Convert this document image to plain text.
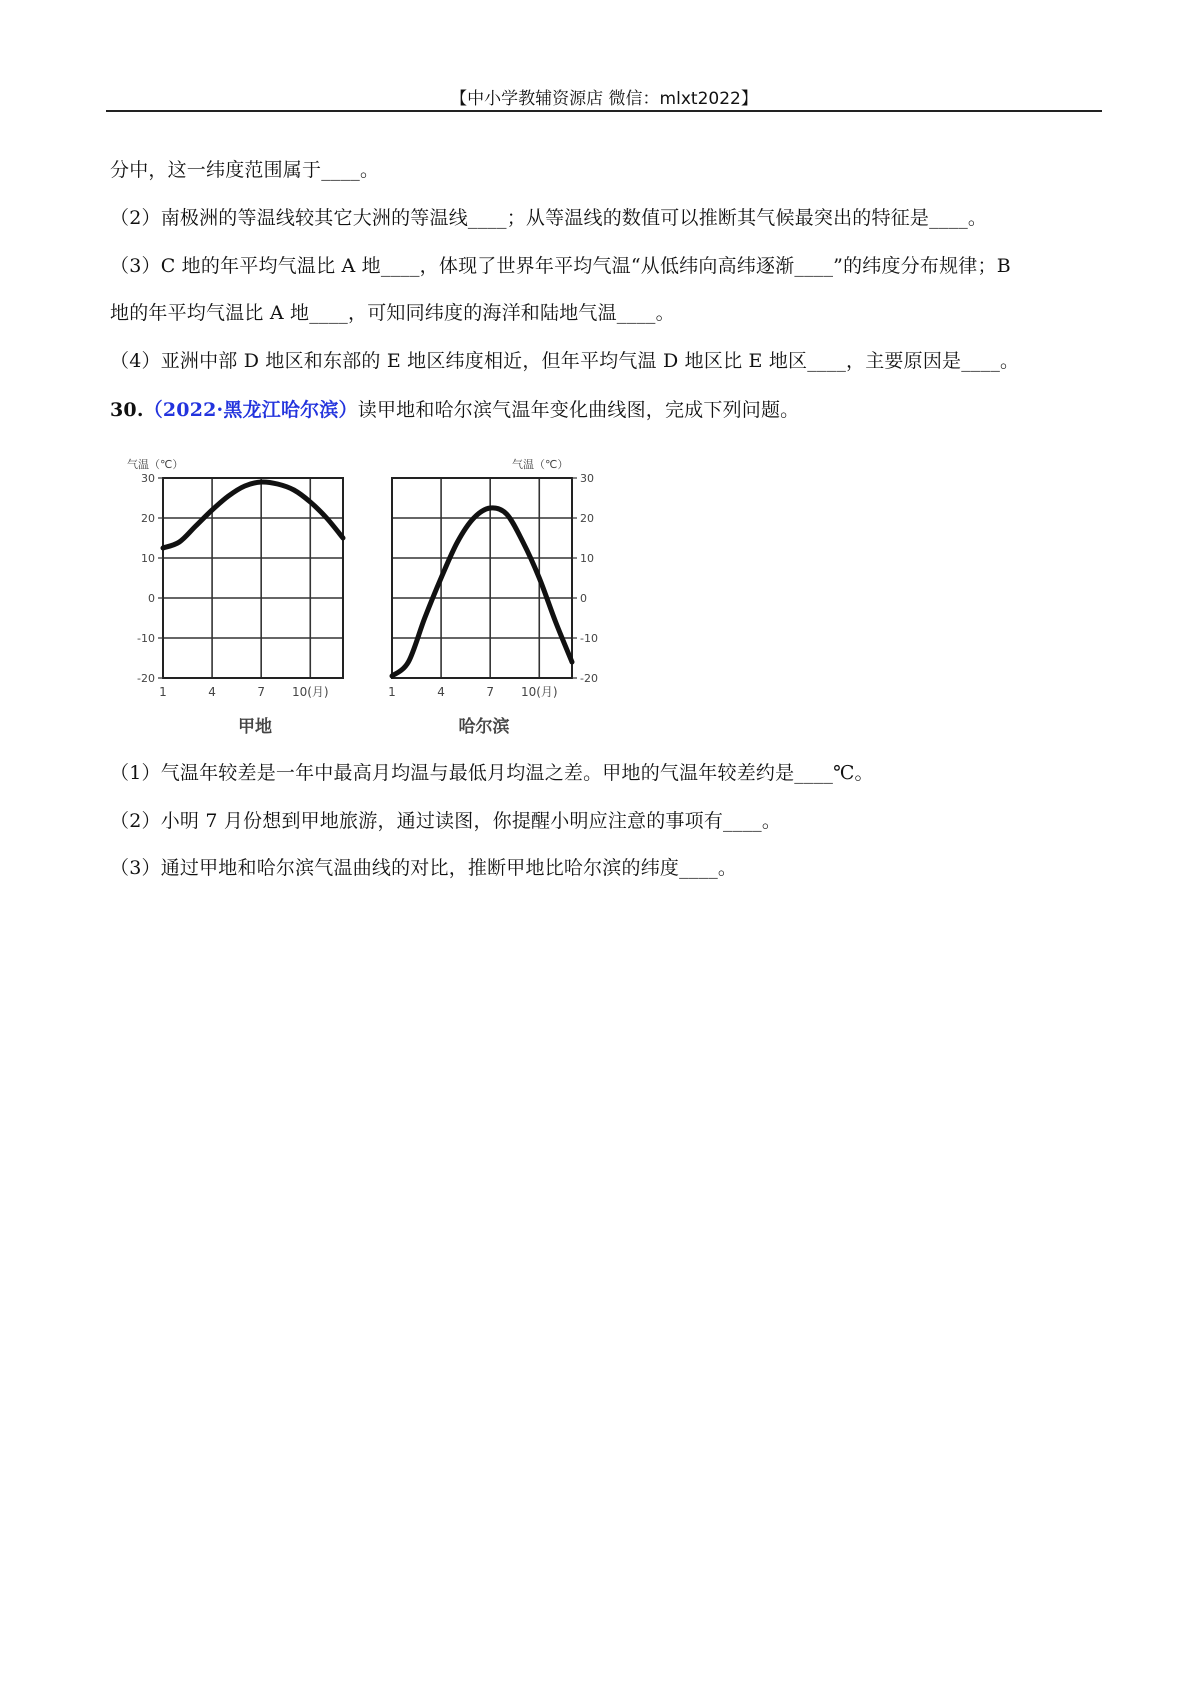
【中小学教辅资源店 微信：mlxt2022】
分中，这一纬度范围属于____。
（2）南极洲的等温线较其它大洲的等温线____；从等温线的数值可以推断其气候最突出的特征是____。
（3）C 地的年平均气温比 A 地____，体现了世界年平均气温“从低纬向高纬逐渐____”的纬度分布规律；B
地的年平均气温比 A 地____，可知同纬度的海洋和陆地气温____。
（4）亚洲中部 D 地区和东部的 E 地区纬度相近，但年平均气温 D 地区比 E 地区____，主要原因是____。
30.（2022·黑龙江哈尔滨）读甲地和哈尔滨气温年变化曲线图，完成下列问题。
30
20
10
0
-10
-20
气温（℃）
1	4	7 10(月)
甲地
30
20
10
0
-10
-20
气温（℃）
1	4	7 10(月)
哈尔滨
（1）气温年较差是一年中最高月均温与最低月均温之差。甲地的气温年较差约是____℃。
（2）小明 7 月份想到甲地旅游，通过读图，你提醒小明应注意的事项有____。
（3）通过甲地和哈尔滨气温曲线的对比，推断甲地比哈尔滨的纬度____。
